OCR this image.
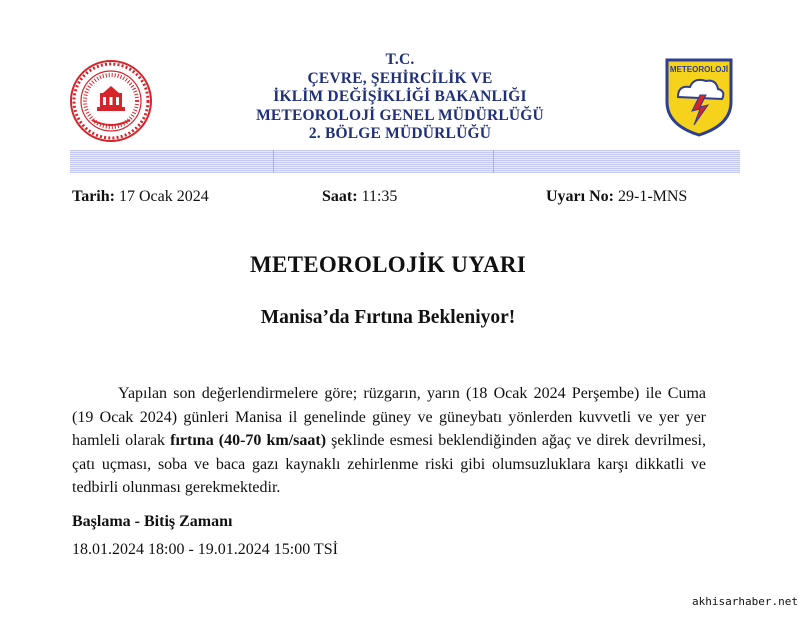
T.C.
ÇEVRE, ŞEHİRCİLİK VE
İKLİM DEĞİŞİKLİĞİ BAKANLIĞI
METEOROLOJİ GENEL MÜDÜRLÜĞÜ
2. BÖLGE MÜDÜRLÜĞÜ
METEOROLOJİ
Tarih: 17 Ocak 2024	Saat: 11:35	Uyarı No: 29-1-MNS
METEOROLOJİK UYARI
Manisa’da Fırtına Bekleniyor!
Yapılan son değerlendirmelere göre; rüzgarın, yarın (18 Ocak 2024 Perşembe) ile Cuma (19 Ocak 2024) günleri Manisa il genelinde güney ve güneybatı yönlerden kuvvetli ve yer yer hamleli olarak fırtına (40-70 km/saat) şeklinde esmesi beklendiğinden ağaç ve direk devrilmesi, çatı uçması, soba ve baca gazı kaynaklı zehirlenme riski gibi olumsuzluklara karşı dikkatli ve tedbirli olunması gerekmektedir.
Başlama - Bitiş Zamanı
18.01.2024 18:00 - 19.01.2024 15:00 TSİ
akhisarhaber.net
